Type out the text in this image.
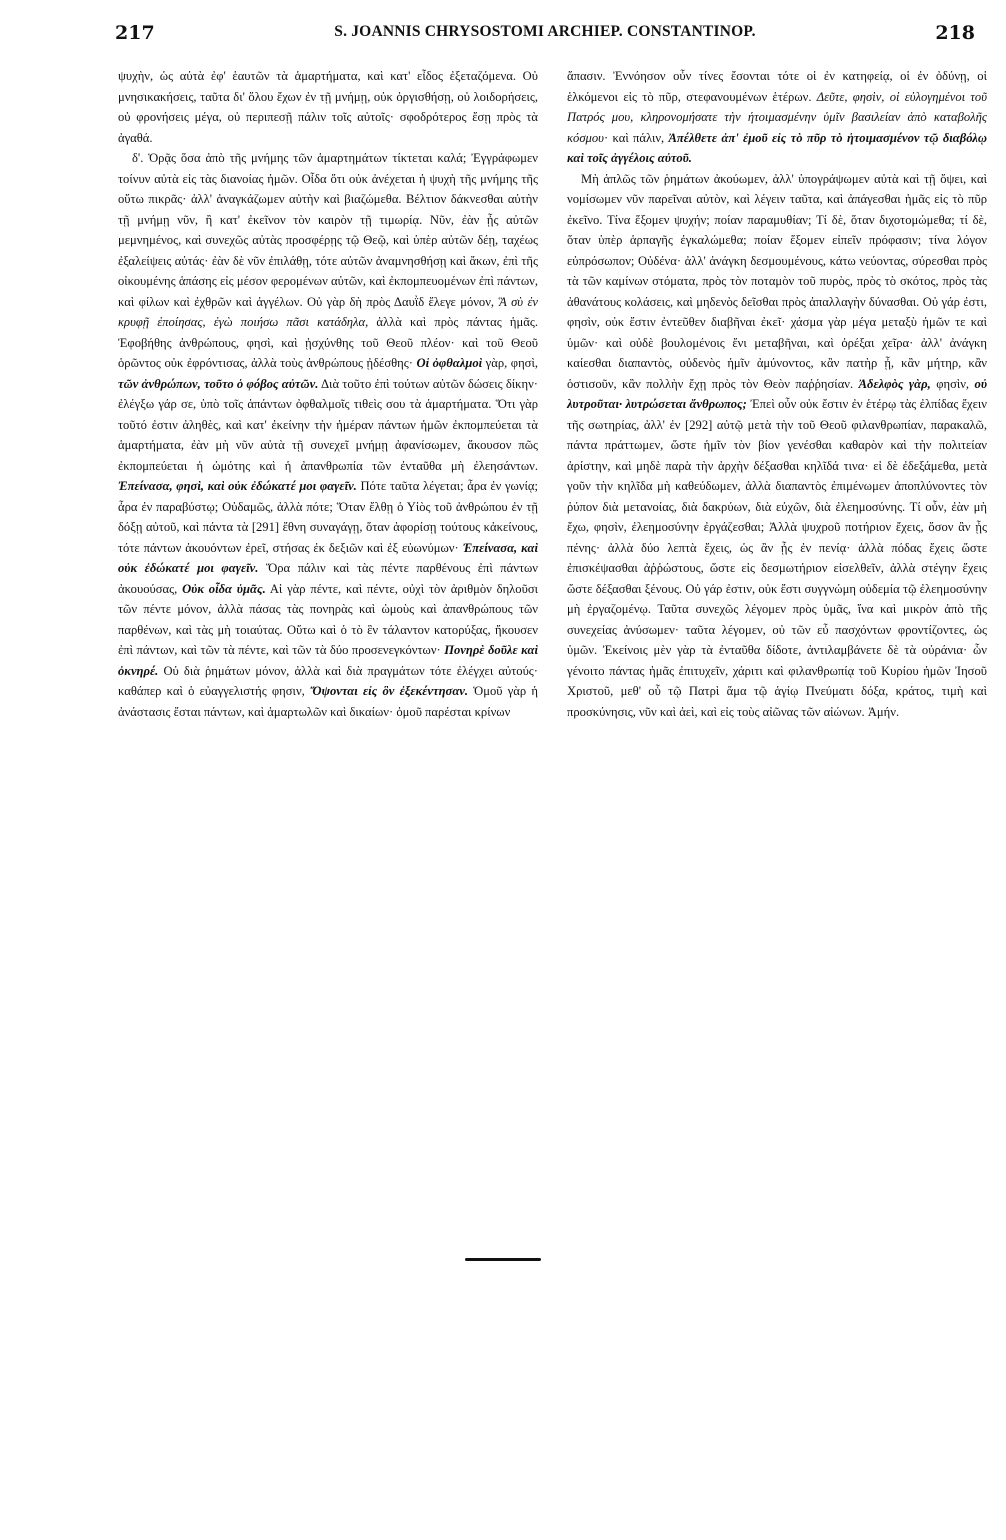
217	S. JOANNIS CHRYSOSTOMI ARCHIEP. CONSTANTINOP.	218

ψυχὴν, ὡς αὐτὰ ἐφ' ἑαυτῶν τὰ ἁμαρτήματα, καὶ κατ' εἶδος ἐξεταζόμενα. Οὐ μνησικακήσεις, ταῦτα δι' ὅλου ἔχων ἐν τῇ μνήμῃ, οὐκ ὀργισθήσῃ, οὐ λοιδορήσεις, οὐ φρονήσεις μέγα, οὐ περιπεσῇ πάλιν τοῖς αὐτοῖς· σφοδρότερος ἔσῃ πρὸς τὰ ἀγαθά.

δ'. Ὁρᾷς ὅσα ἀπὸ τῆς μνήμης τῶν ἁμαρτημάτων τίκτεται καλά; Ἐγγράφωμεν τοίνυν αὐτὰ εἰς τὰς διανοίας ἡμῶν. Οἶδα ὅτι οὐκ ἀνέχεται ἡ ψυχὴ τῆς μνήμης τῆς οὕτω πικρᾶς· ἀλλ' ἀναγκάζωμεν αὐτὴν καὶ βιαζώμεθα. Βέλτιον δάκνεσθαι αὐτὴν τῇ μνήμῃ νῦν, ἢ κατ' ἐκεῖνον τὸν καιρὸν τῇ τιμωρίᾳ. Νῦν, ἐὰν ᾖς αὐτῶν μεμνημένος, καὶ συνεχῶς αὐτὰς προσφέρῃς τῷ Θεῷ, καὶ ὑπὲρ αὐτῶν δέῃ, ταχέως ἐξαλείψεις αὐτάς· ἐὰν δὲ νῦν ἐπιλάθῃ, τότε αὐτῶν ἀναμνησθήσῃ καὶ ἄκων, ἐπὶ τῆς οἰκουμένης ἁπάσης εἰς μέσον φερομένων αὐτῶν, καὶ ἐκπομπευομένων ἐπὶ πάντων, καὶ φίλων καὶ ἐχθρῶν καὶ ἀγγέλων. Οὐ γὰρ δὴ πρὸς Δαυῒδ ἔλεγε μόνον, Ἃ σὺ ἐν κρυφῇ ἐποίησας, ἐγὼ ποιήσω πᾶσι κατάδηλα, ἀλλὰ καὶ πρὸς πάντας ἡμᾶς. Ἐφοβήθης ἀνθρώπους, φησὶ, καὶ ᾐσχύνθης τοῦ Θεοῦ πλέον· καὶ τοῦ Θεοῦ ὁρῶντος οὐκ ἐφρόντισας, ἀλλὰ τοὺς ἀνθρώπους ᾐδέσθης· Οἱ ὀφθαλμοὶ γὰρ, φησὶ, τῶν ἀνθρώπων, τοῦτο ὁ φόβος αὐτῶν. Διὰ τοῦτο ἐπὶ τούτων αὐτῶν δώσεις δίκην· ἐλέγξω γάρ σε, ὑπὸ τοῖς ἁπάντων ὀφθαλμοῖς τιθεὶς σου τὰ ἁμαρτήματα. Ὅτι γὰρ τοῦτό ἐστιν ἀληθὲς, καὶ κατ' ἐκείνην τὴν ἡμέραν πάντων ἡμῶν ἐκπομπεύεται τὰ ἁμαρτήματα, ἐὰν μὴ νῦν αὐτὰ τῇ συνεχεῖ μνήμῃ ἀφανίσωμεν, ἄκουσον πῶς ἐκπομπεύεται ἡ ὠμότης καὶ ἡ ἀπανθρωπία τῶν ἐνταῦθα μὴ ἐλεησάντων. Ἐπείνασα, φησὶ, καὶ οὐκ ἐδώκατέ μοι φαγεῖν. Πότε ταῦτα λέγεται; ἆρα ἐν γωνίᾳ; ἆρα ἐν παραβύστῳ; Οὐδαμῶς, ἀλλὰ πότε; Ὅταν ἔλθῃ ὁ Υἱὸς τοῦ ἀνθρώπου ἐν τῇ δόξῃ αὐτοῦ, καὶ πάντα τὰ [291] ἔθνη συναγάγῃ, ὅταν ἀφορίσῃ τούτους κἀκείνους, τότε πάντων ἀκουόντων ἐρεῖ, στήσας ἐκ δεξιῶν καὶ ἐξ εὐωνύμων· Ἐπείνασα, καὶ οὐκ ἐδώκατέ μοι φαγεῖν. Ὅρα πάλιν καὶ τὰς πέντε παρθένους ἐπὶ πάντων ἀκουούσας, Οὐκ οἶδα ὑμᾶς. Αἱ γὰρ πέντε, καὶ πέντε, οὐχὶ τὸν ἀριθμὸν δηλοῦσι τῶν πέντε μόνον, ἀλλὰ πάσας τὰς πονηρὰς καὶ ὠμοὺς καὶ ἀπανθρώπους τῶν παρθένων, καὶ τὰς μὴ τοιαύτας. Οὕτω καὶ ὁ τὸ ἓν τάλαντον κατορύξας, ἤκουσεν ἐπὶ πάντων, καὶ τῶν τὰ πέντε, καὶ τῶν τὰ δύο προσενεγκόντων· Πονηρὲ δοῦλε καὶ ὀκνηρέ. Οὐ διὰ ῥημάτων μόνον, ἀλλὰ καὶ διὰ πραγμάτων τότε ἐλέγχει αὐτούς· καθάπερ καὶ ὁ εὐαγγελιστής φησιν, Ὄψονται εἰς ὃν ἐξεκέντησαν. Ὁμοῦ γὰρ ἡ ἀνάστασις ἔσται πάντων, καὶ ἁμαρτωλῶν καὶ δικαίων· ὁμοῦ παρέσται κρίνων

ἅπασιν. Ἐννόησον οὖν τίνες ἔσονται τότε οἱ ἐν κατηφείᾳ, οἱ ἐν ὀδύνῃ, οἱ ἑλκόμενοι εἰς τὸ πῦρ, στεφανουμένων ἑτέρων. Δεῦτε, φησὶν, οἱ εὐλογημένοι τοῦ Πατρός μου, κληρονομήσατε τὴν ἡτοιμασμένην ὑμῖν βασιλείαν ἀπὸ καταβολῆς κόσμου· καὶ πάλιν, Ἀπέλθετε ἀπ' ἐμοῦ εἰς τὸ πῦρ τὸ ἡτοιμασμένον τῷ διαβόλῳ καὶ τοῖς ἀγγέλοις αὐτοῦ.

Μὴ ἁπλῶς τῶν ῥημάτων ἀκούωμεν, ἀλλ' ὑπογράψωμεν αὐτὰ καὶ τῇ ὄψει, καὶ νομίσωμεν νῦν παρεῖναι αὐτὸν, καὶ λέγειν ταῦτα, καὶ ἀπάγεσθαι ἡμᾶς εἰς τὸ πῦρ ἐκεῖνο. Τίνα ἕξομεν ψυχήν; ποίαν παραμυθίαν; Τί δὲ, ὅταν διχοτομώμεθα; τί δὲ, ὅταν ὑπὲρ ἁρπαγῆς ἐγκαλώμεθα; ποίαν ἕξομεν εἰπεῖν πρόφασιν; τίνα λόγον εὐπρόσωπον; Οὐδένα· ἀλλ' ἀνάγκη δεσμουμένους, κάτω νεύοντας, σύρεσθαι πρὸς τὰ τῶν καμίνων στόματα, πρὸς τὸν ποταμὸν τοῦ πυρὸς, πρὸς τὸ σκότος, πρὸς τὰς ἀθανάτους κολάσεις, καὶ μηδενὸς δεῖσθαι πρὸς ἀπαλλαγὴν δύνασθαι. Οὐ γάρ ἐστι, φησὶν, οὐκ ἔστιν ἐντεῦθεν διαβῆναι ἐκεῖ· χάσμα γὰρ μέγα μεταξὺ ἡμῶν τε καὶ ὑμῶν· καὶ οὐδὲ βουλομένοις ἔνι μεταβῆναι, καὶ ὀρέξαι χεῖρα· ἀλλ' ἀνάγκη καίεσθαι διαπαντὸς, οὐδενὸς ἡμῖν ἀμύνοντος, κἂν πατὴρ ᾖ, κἂν μήτηρ, κἂν ὁστισοῦν, κἂν πολλὴν ἔχῃ πρὸς τὸν Θεὸν παῤῥησίαν. Ἀδελφὸς γὰρ, φησὶν, οὐ λυτροῦται· λυτρώσεται ἄνθρωπος; Ἐπεὶ οὖν οὐκ ἔστιν ἐν ἑτέρῳ τὰς ἐλπίδας ἔχειν τῆς σωτηρίας, ἀλλ' ἐν [292] αὐτῷ μετὰ τὴν τοῦ Θεοῦ φιλανθρωπίαν, παρακαλῶ, πάντα πράττωμεν, ὥστε ἡμῖν τὸν βίον γενέσθαι καθαρὸν καὶ τὴν πολιτείαν ἀρίστην, καὶ μηδὲ παρὰ τὴν ἀρχὴν δέξασθαι κηλῖδά τινα· εἰ δὲ ἐδεξάμεθα, μετὰ γοῦν τὴν κηλῖδα μὴ καθεύδωμεν, ἀλλὰ διαπαντὸς ἐπιμένωμεν ἀποπλύνοντες τὸν ῥύπον διὰ μετανοίας, διὰ δακρύων, διὰ εὐχῶν, διὰ ἐλεημοσύνης. Τί οὖν, ἐὰν μὴ ἔχω, φησὶν, ἐλεημοσύνην ἐργάζεσθαι; Ἀλλὰ ψυχροῦ ποτήριον ἔχεις, ὅσον ἂν ᾖς πένης· ἀλλὰ δύο λεπτὰ ἔχεις, ὡς ἂν ᾖς ἐν πενίᾳ· ἀλλὰ πόδας ἔχεις ὥστε ἐπισκέψασθαι ἀῤῥώστους, ὥστε εἰς δεσμωτήριον εἰσελθεῖν, ἀλλὰ στέγην ἔχεις ὥστε δέξασθαι ξένους. Οὐ γάρ ἐστιν, οὐκ ἔστι συγγνώμη οὐδεμία τῷ ἐλεημοσύνην μὴ ἐργαζομένῳ. Ταῦτα συνεχῶς λέγομεν πρὸς ὑμᾶς, ἵνα καὶ μικρὸν ἀπὸ τῆς συνεχείας ἀνύσωμεν· ταῦτα λέγομεν, οὐ τῶν εὖ πασχόντων φροντίζοντες, ὡς ὑμῶν. Ἐκείνοις μὲν γὰρ τὰ ἐνταῦθα δίδοτε, ἀντιλαμβάνετε δὲ τὰ οὐράνια· ὧν γένοιτο πάντας ἡμᾶς ἐπιτυχεῖν, χάριτι καὶ φιλανθρωπίᾳ τοῦ Κυρίου ἡμῶν Ἰησοῦ Χριστοῦ, μεθ' οὗ τῷ Πατρὶ ἅμα τῷ ἁγίῳ Πνεύματι δόξα, κράτος, τιμὴ καὶ προσκύνησις, νῦν καὶ ἀεὶ, καὶ εἰς τοὺς αἰῶνας τῶν αἰώνων. Ἀμήν.
